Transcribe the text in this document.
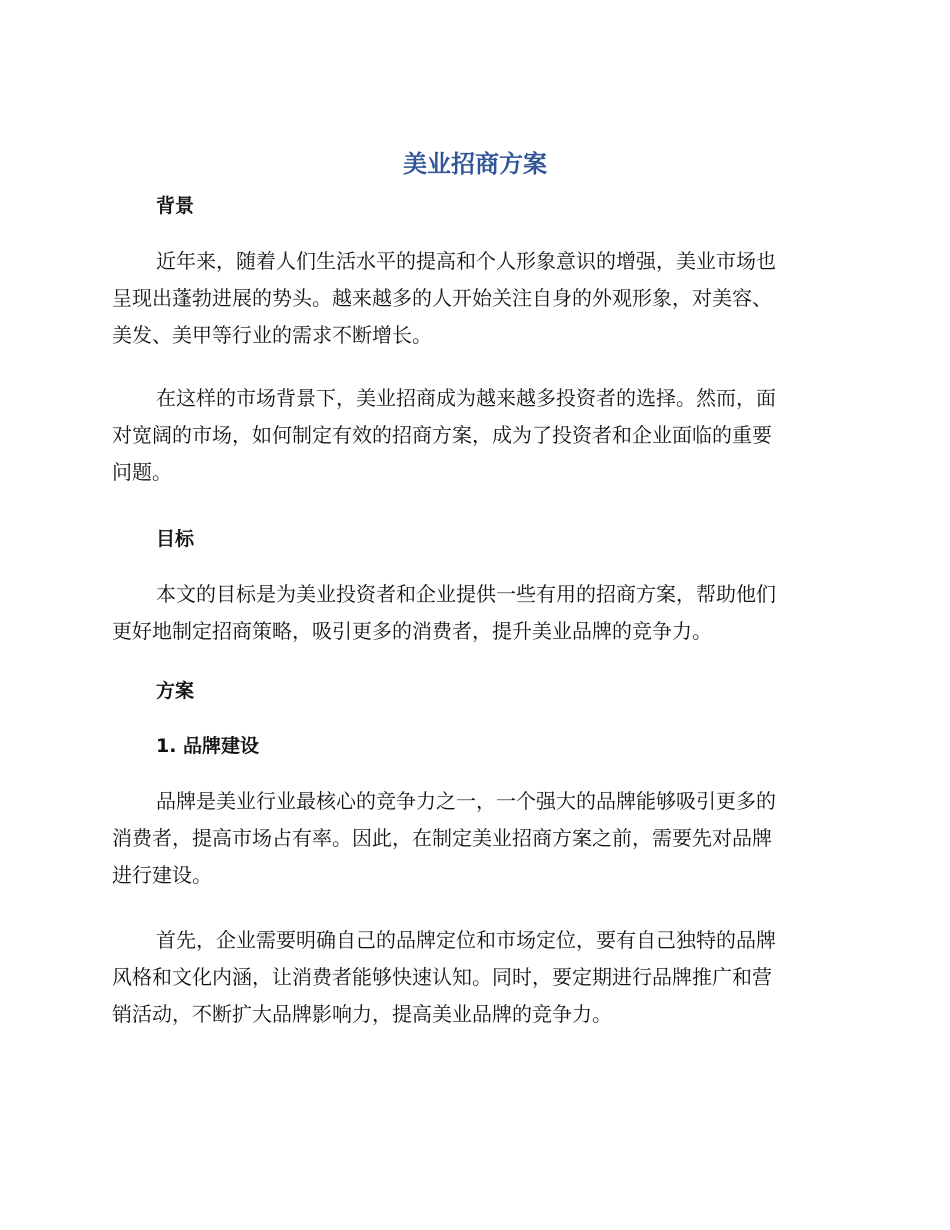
美业招商方案
背景

近年来，随着人们生活水平的提高和个人形象意识的增强，美业市场也
呈现出蓬勃进展的势头。越来越多的人开始关注自身的外观形象，对美容、
美发、美甲等行业的需求不断增长。

在这样的市场背景下，美业招商成为越来越多投资者的选择。然而，面
对宽阔的市场，如何制定有效的招商方案，成为了投资者和企业面临的重要
问题。

目标

本文的目标是为美业投资者和企业提供一些有用的招商方案，帮助他们
更好地制定招商策略，吸引更多的消费者，提升美业品牌的竞争力。

方案
1. 品牌建设

品牌是美业行业最核心的竞争力之一，一个强大的品牌能够吸引更多的
消费者，提高市场占有率。因此，在制定美业招商方案之前，需要先对品牌
进行建设。

首先，企业需要明确自己的品牌定位和市场定位，要有自己独特的品牌
风格和文化内涵，让消费者能够快速认知。同时，要定期进行品牌推广和营
销活动，不断扩大品牌影响力，提高美业品牌的竞争力。
